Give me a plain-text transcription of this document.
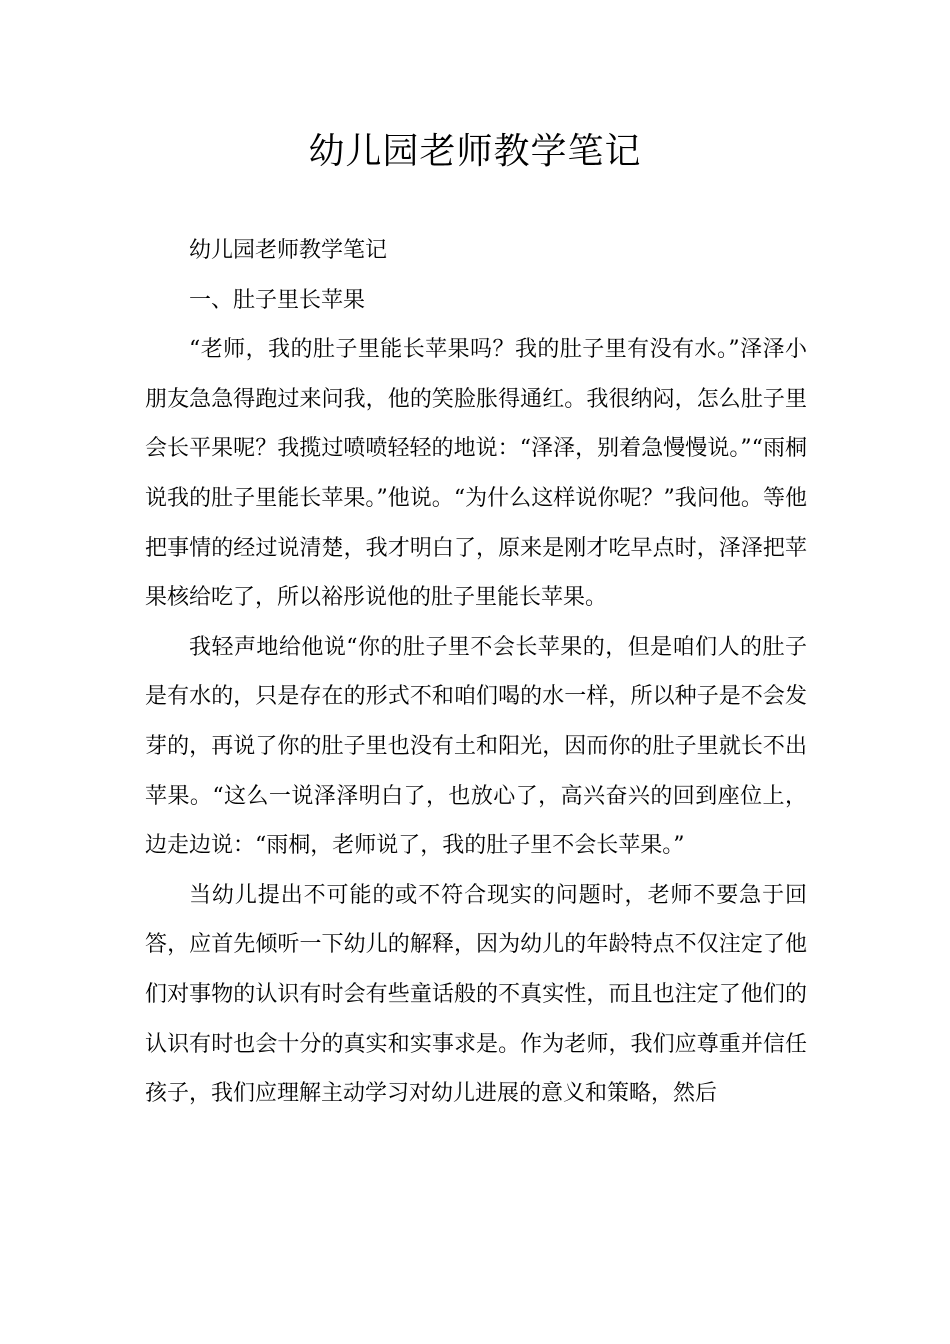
幼儿园老师教学笔记

幼儿园老师教学笔记

一、肚子里长苹果

“老师，我的肚子里能长苹果吗？我的肚子里有没有水。”泽泽小朋友急急得跑过来问我，他的笑脸胀得通红。我很纳闷，怎么肚子里会长平果呢？我揽过喷喷轻轻的地说：“泽泽，别着急慢慢说。”“雨桐说我的肚子里能长苹果。”他说。“为什么这样说你呢？”我问他。等他把事情的经过说清楚，我才明白了，原来是刚才吃早点时，泽泽把苹果核给吃了，所以裕彤说他的肚子里能长苹果。

我轻声地给他说“你的肚子里不会长苹果的，但是咱们人的肚子是有水的，只是存在的形式不和咱们喝的水一样，所以种子是不会发芽的，再说了你的肚子里也没有土和阳光，因而你的肚子里就长不出苹果。“这么一说泽泽明白了，也放心了，高兴奋兴的回到座位上，边走边说：“雨桐，老师说了，我的肚子里不会长苹果。”

当幼儿提出不可能的或不符合现实的问题时，老师不要急于回答，应首先倾听一下幼儿的解释，因为幼儿的年龄特点不仅注定了他们对事物的认识有时会有些童话般的不真实性，而且也注定了他们的认识有时也会十分的真实和实事求是。作为老师，我们应尊重并信任孩子，我们应理解主动学习对幼儿进展的意义和策略，然后
